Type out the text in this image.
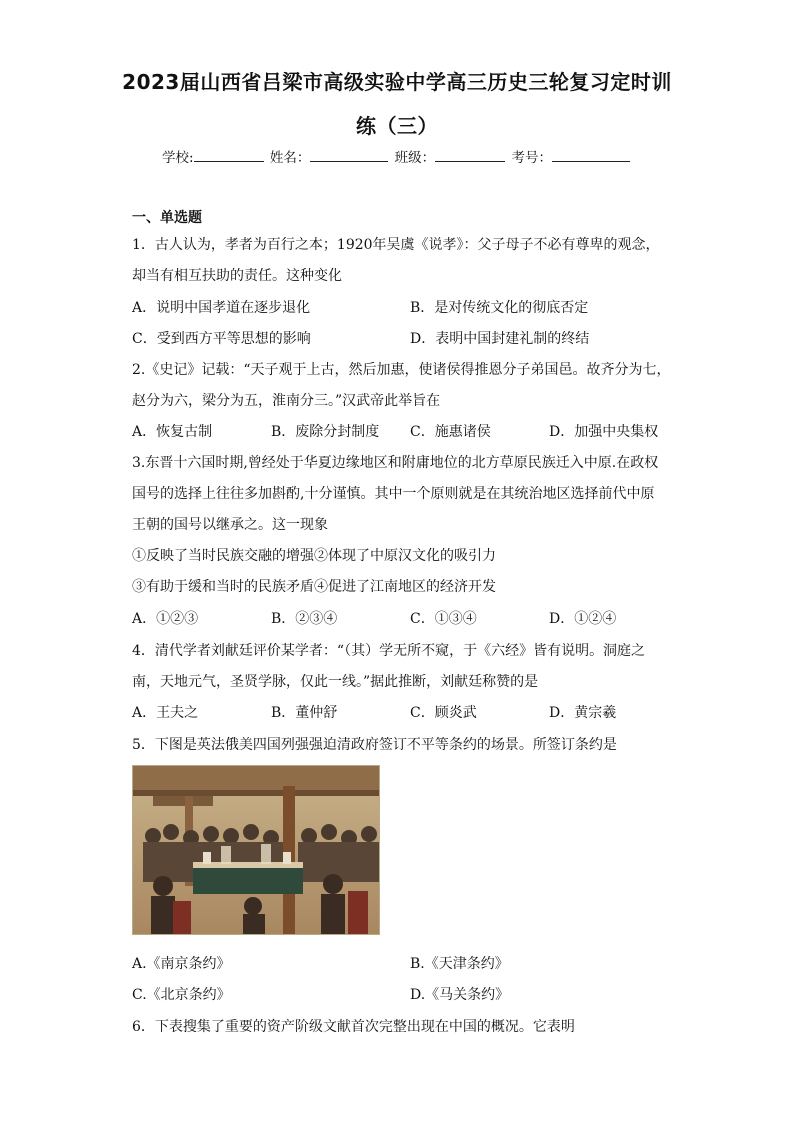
2023届山西省吕梁市高级实验中学高三历史三轮复习定时训
练（三）
学校:	姓名：	班级：	考号：
一、单选题
1．古人认为，孝者为百行之本；1920年吴虞《说孝》：父子母子不必有尊卑的观念，
却当有相互扶助的责任。这种变化
A．说明中国孝道在逐步退化	B．是对传统文化的彻底否定
C．受到西方平等思想的影响	D．表明中国封建礼制的终结
2.《史记》记载：“天子观于上古，然后加惠，使诸侯得推恩分子弟国邑。故齐分为七，
赵分为六，梁分为五，淮南分三。”汉武帝此举旨在
A．恢复古制	B．废除分封制度 C．施惠诸侯	D．加强中央集权
3.东晋十六国时期,曾经处于华夏边缘地区和附庸地位的北方草原民族迁入中原.在政权
国号的选择上往往多加斟酌,十分谨慎。其中一个原则就是在其统治地区选择前代中原
王朝的国号以继承之。这一现象
①反映了当时民族交融的增强②体现了中原汉文化的吸引力
③有助于缓和当时的民族矛盾④促进了江南地区的经济开发
A．①②③	B．②③④	C．①③④	D．①②④
4．清代学者刘献廷评价某学者：“（其）学无所不窥，于《六经》皆有说明。洞庭之
南，天地元气，圣贤学脉，仅此一线。”据此推断，刘献廷称赞的是
A．王夫之	B．董仲舒	C．顾炎武	D．黄宗羲
5．下图是英法俄美四国列强强迫清政府签订不平等条约的场景。所签订条约是
A.《南京条约》	B.《天津条约》
C.《北京条约》	D.《马关条约》
6．下表搜集了重要的资产阶级文献首次完整出现在中国的概况。它表明
